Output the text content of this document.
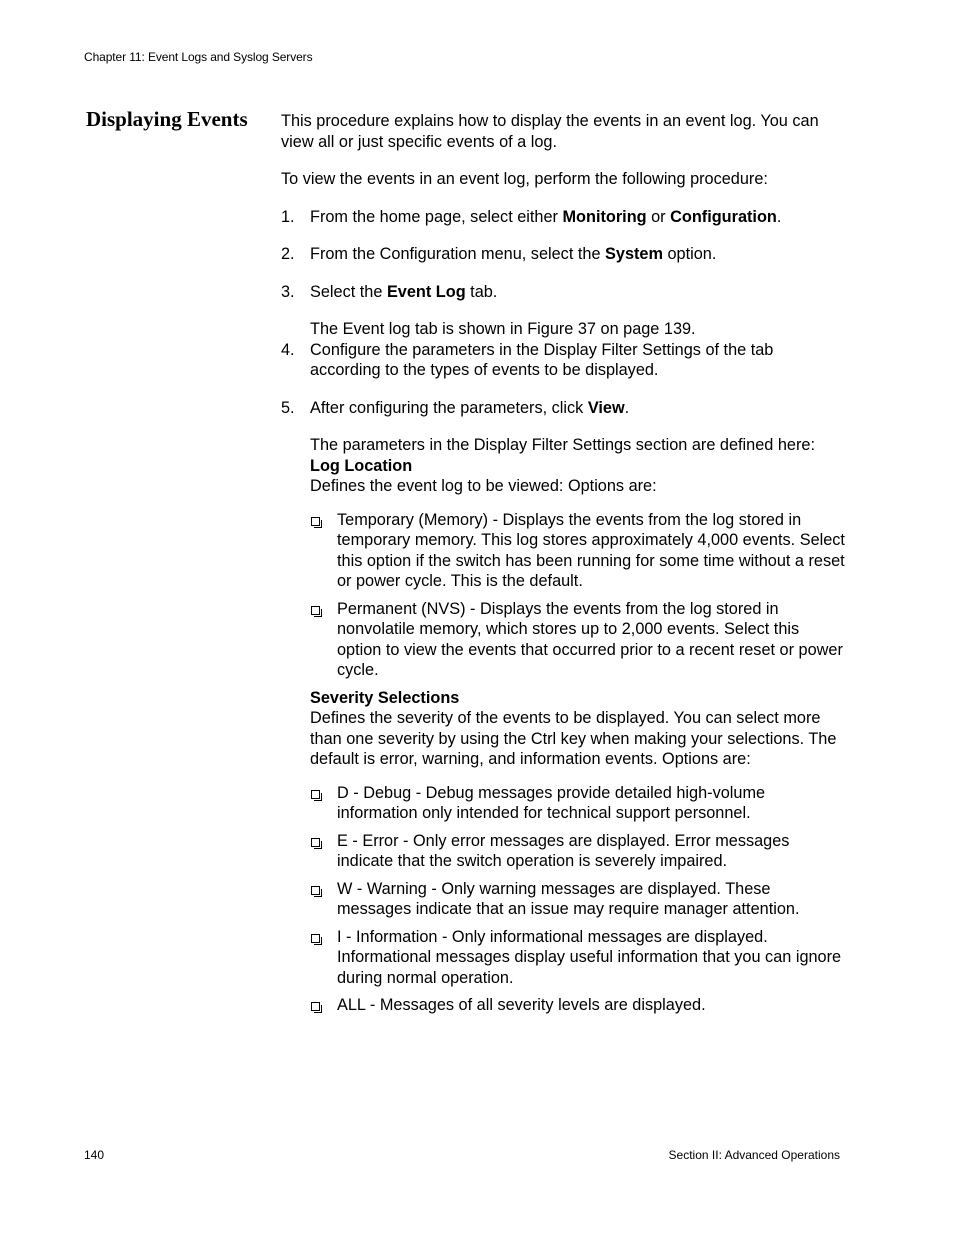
Chapter 11: Event Logs and Syslog Servers
Displaying Events This procedure explains how to display the events in an event log. You can view all or just specific events of a log.

To view the events in an event log, perform the following procedure:

1. From the home page, select either Monitoring or Configuration.
2. From the Configuration menu, select the System option.
3. Select the Event Log tab.

The Event log tab is shown in Figure 37 on page 139.

4. Configure the parameters in the Display Filter Settings of the tab according to the types of events to be displayed.
5. After configuring the parameters, click View.

The parameters in the Display Filter Settings section are defined here:

Log Location
Defines the event log to be viewed: Options are:
Temporary (Memory) - Displays the events from the log stored in temporary memory. This log stores approximately 4,000 events. Select this option if the switch has been running for some time without a reset or power cycle. This is the default.
Permanent (NVS) - Displays the events from the log stored in nonvolatile memory, which stores up to 2,000 events. Select this option to view the events that occurred prior to a recent reset or power cycle.
Severity Selections
Defines the severity of the events to be displayed. You can select more than one severity by using the Ctrl key when making your selections. The default is error, warning, and information events. Options are:
D - Debug - Debug messages provide detailed high-volume information only intended for technical support personnel.
E - Error - Only error messages are displayed. Error messages indicate that the switch operation is severely impaired.
W - Warning - Only warning messages are displayed. These messages indicate that an issue may require manager attention.
I - Information - Only informational messages are displayed. Informational messages display useful information that you can ignore during normal operation.
ALL - Messages of all severity levels are displayed.
140	Section II: Advanced Operations
